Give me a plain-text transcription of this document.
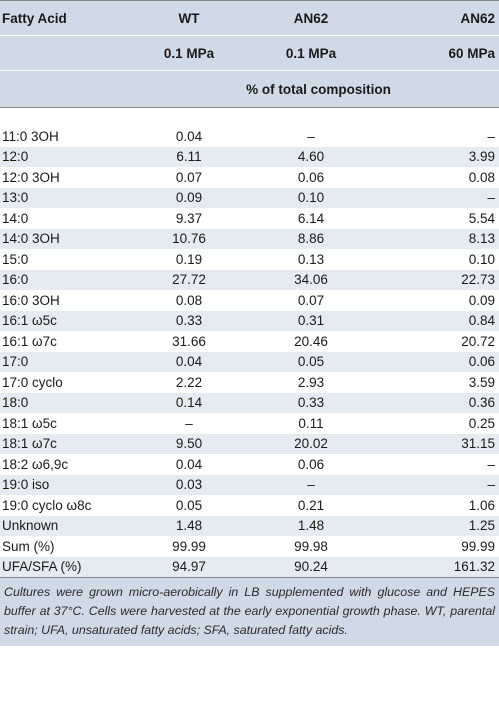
Fatty Acid	WT	AN62	AN62
	0.1 MPa	0.1 MPa	60 MPa
	% of total composition		

11:0 3OH	0.04	–	–
12:0	6.11	4.60	3.99
12:0 3OH	0.07	0.06	0.08
13:0	0.09	0.10	–
14:0	9.37	6.14	5.54
14:0 3OH	10.76	8.86	8.13
15:0	0.19	0.13	0.10
16:0	27.72	34.06	22.73
16:0 3OH	0.08	0.07	0.09
16:1 ω5c	0.33	0.31	0.84
16:1 ω7c	31.66	20.46	20.72
17:0	0.04	0.05	0.06
17:0 cyclo	2.22	2.93	3.59
18:0	0.14	0.33	0.36
18:1 ω5c	–	0.11	0.25
18:1 ω7c	9.50	20.02	31.15
18:2 ω6,9c	0.04	0.06	–
19:0 iso	0.03	–	–
19:0 cyclo ω8c	0.05	0.21	1.06
Unknown	1.48	1.48	1.25
Sum (%)	99.99	99.98	99.99
UFA/SFA (%)	94.97	90.24	161.32

Cultures were grown micro-aerobically in LB supplemented with glucose and HEPES buffer at 37°C. Cells were harvested at the early exponential growth phase. WT, parental strain; UFA, unsaturated fatty acids; SFA, saturated fatty acids.
